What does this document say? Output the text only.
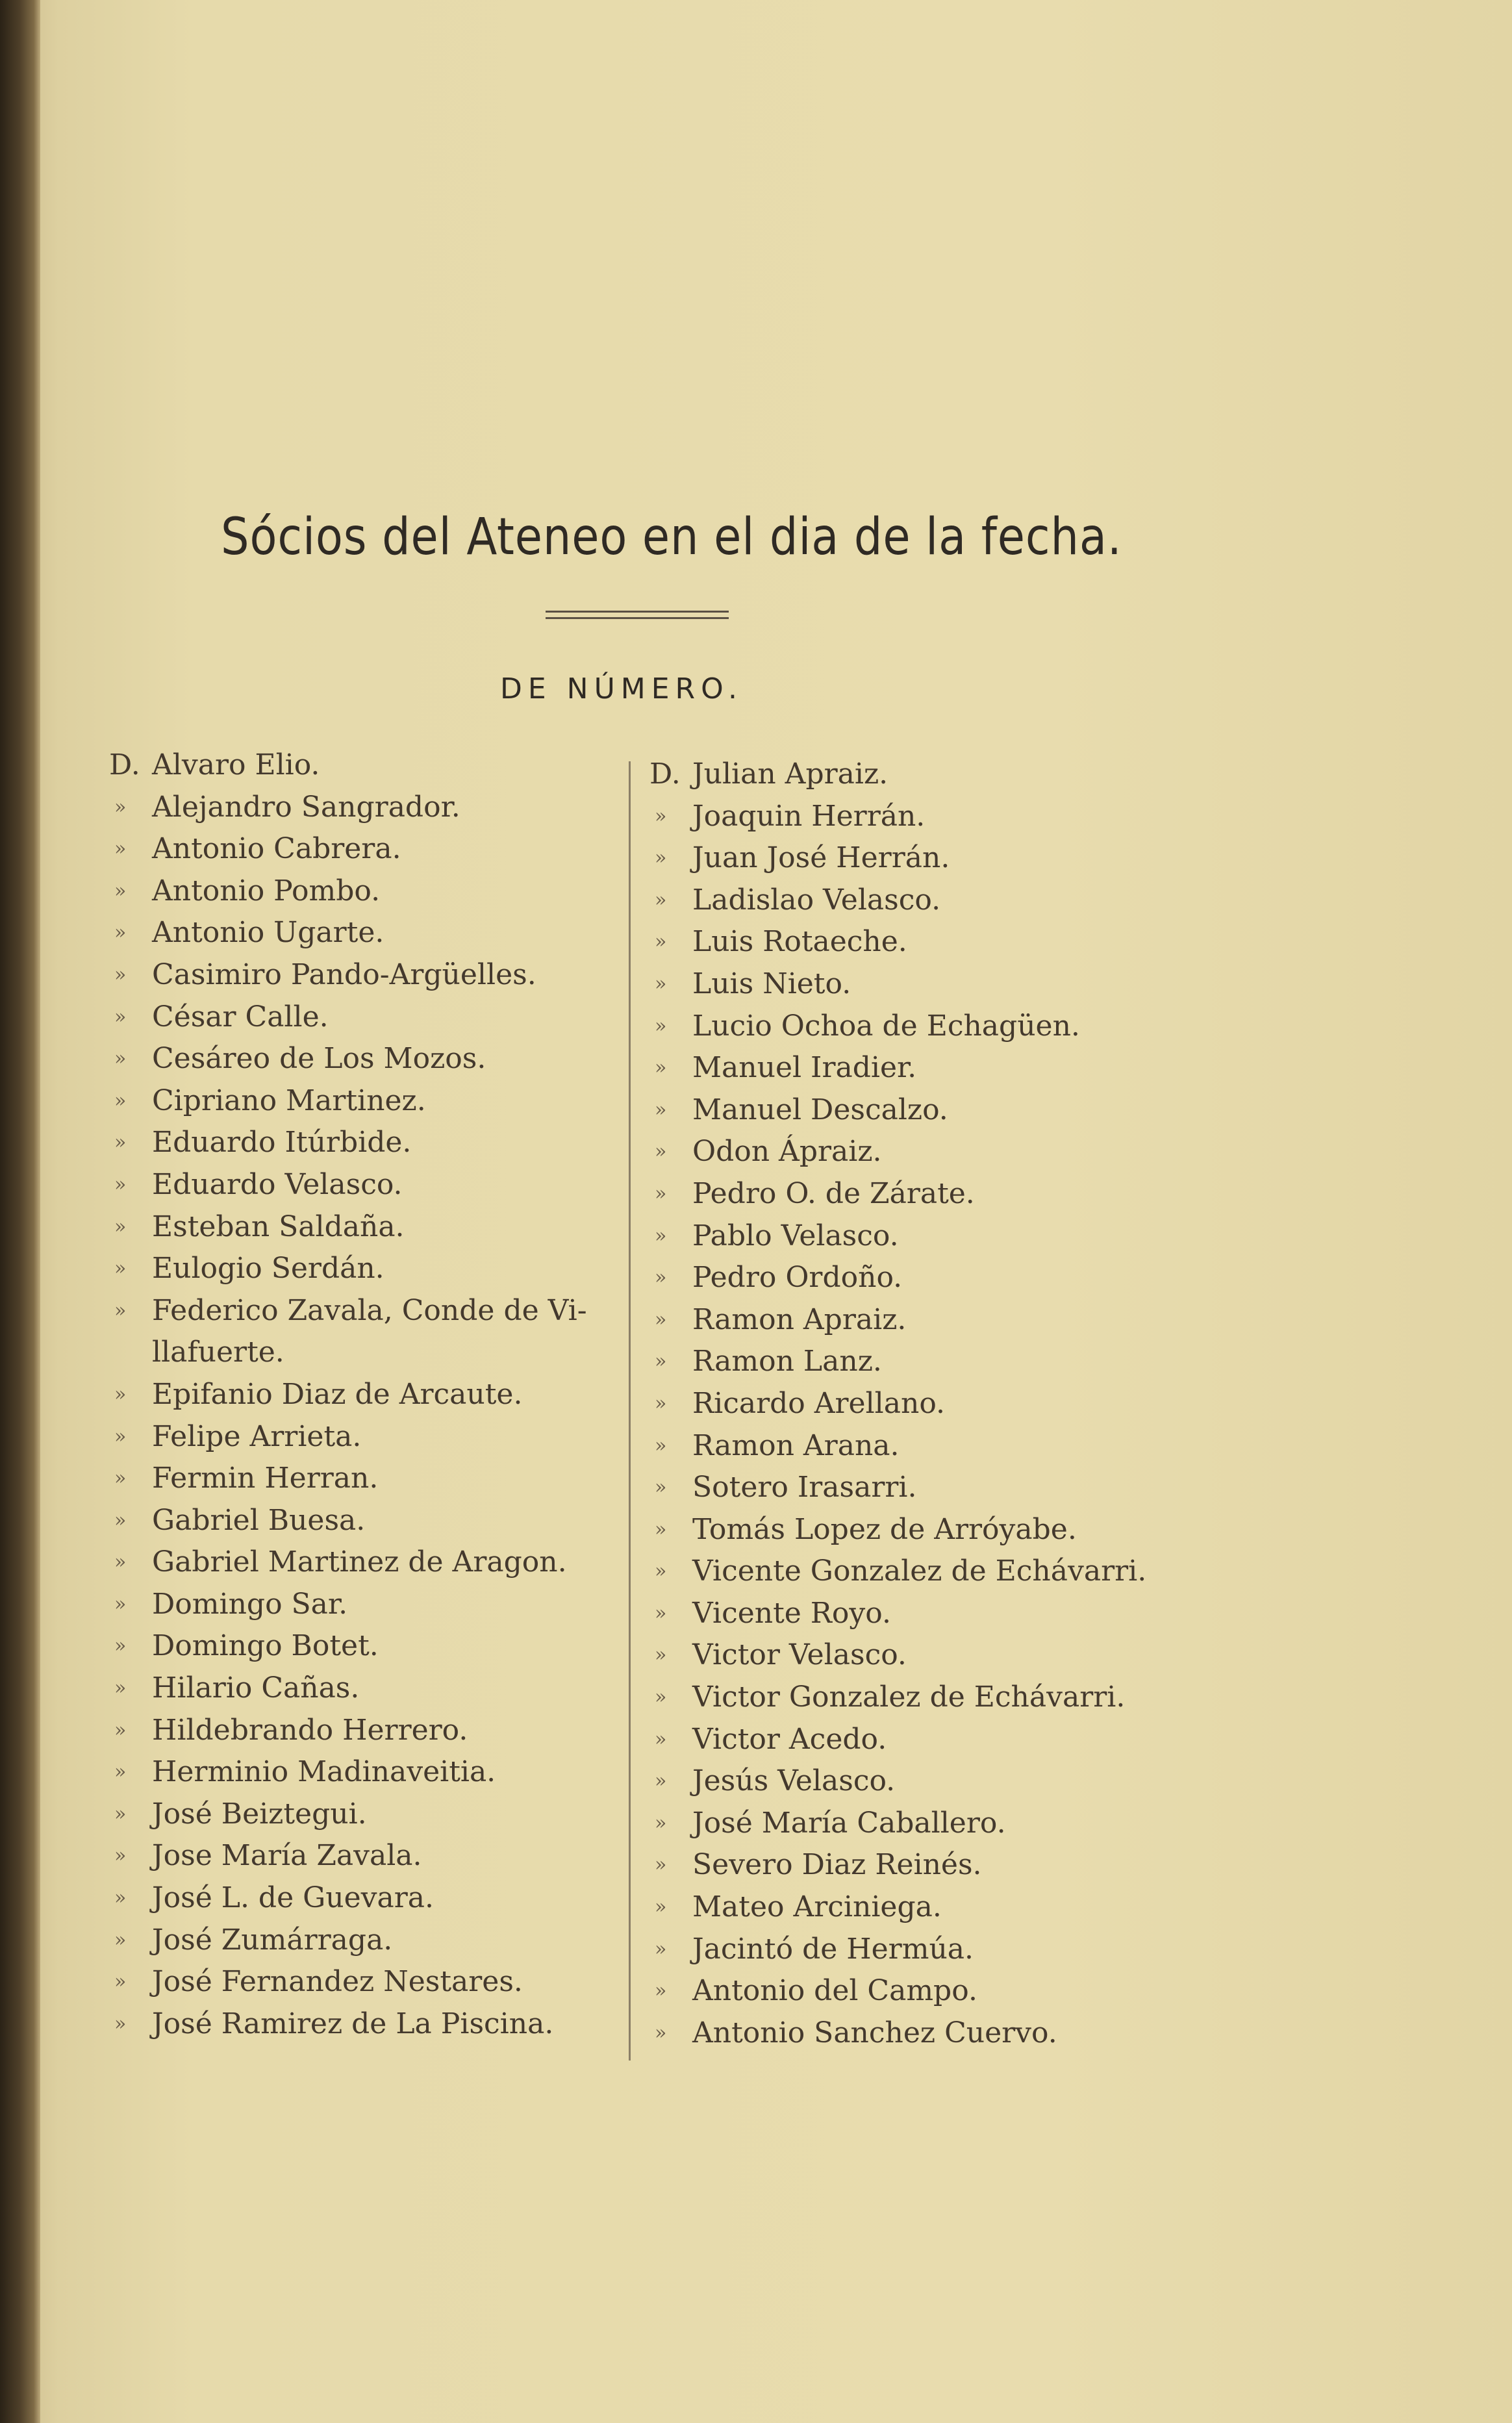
Sócios del Ateneo en el dia de la fecha.
DE NÚMERO.
D. Alvaro Elio.
» Alejandro Sangrador.
» Antonio Cabrera.
» Antonio Pombo.
» Antonio Ugarte.
» Casimiro Pando-Argüelles.
» César Calle.
» Cesáreo de Los Mozos.
» Cipriano Martinez.
» Eduardo Itúrbide.
» Eduardo Velasco.
» Esteban Saldaña.
» Eulogio Serdán.
» Federico Zavala, Conde de Vi-
llafuerte.
» Epifanio Diaz de Arcaute.
» Felipe Arrieta.
» Fermin Herran.
» Gabriel Buesa.
» Gabriel Martinez de Aragon.
» Domingo Sar.
» Domingo Botet.
» Hilario Cañas.
» Hildebrando Herrero.
» Herminio Madinaveitia.
» José Beiztegui.
» Jose María Zavala.
» José L. de Guevara.
» José Zumárraga.
» José Fernandez Nestares.
» José Ramirez de La Piscina.
D. Julian Apraiz.
» Joaquin Herrán.
» Juan José Herrán.
» Ladislao Velasco.
» Luis Rotaeche.
» Luis Nieto.
» Lucio Ochoa de Echagüen.
» Manuel Iradier.
» Manuel Descalzo.
» Odon Ápraiz.
» Pedro O. de Zárate.
» Pablo Velasco.
» Pedro Ordoño.
» Ramon Apraiz.
» Ramon Lanz.
» Ricardo Arellano.
» Ramon Arana.
» Sotero Irasarri.
» Tomás Lopez de Arróyabe.
» Vicente Gonzalez de Echávarri.
» Vicente Royo.
» Victor Velasco.
» Victor Gonzalez de Echávarri.
» Victor Acedo.
» Jesús Velasco.
» José María Caballero.
» Severo Diaz Reinés.
» Mateo Arciniega.
» Jacintó de Hermúa.
» Antonio del Campo.
» Antonio Sanchez Cuervo.
